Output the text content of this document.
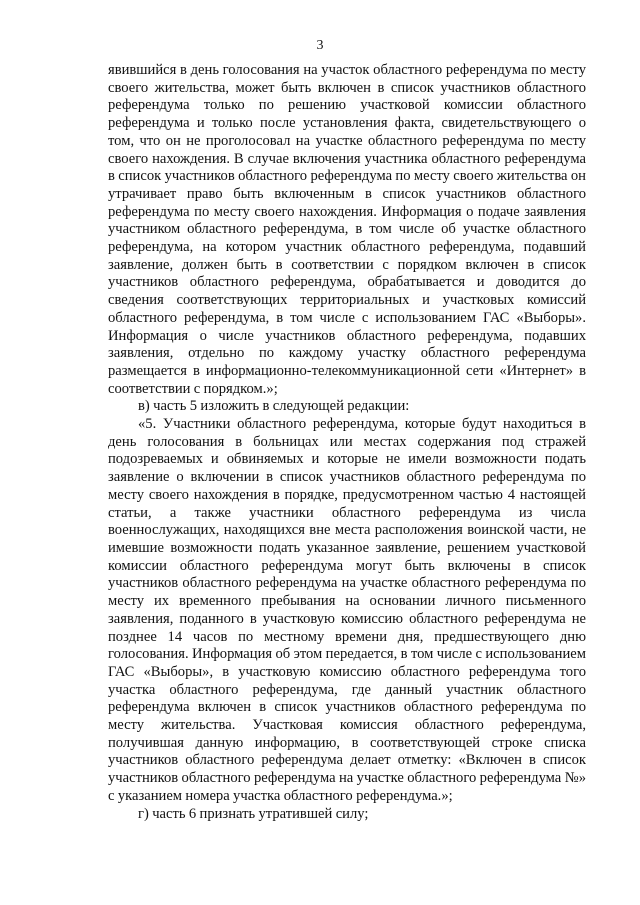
3

явившийся в день голосования на участок областного референдума по месту своего жительства, может быть включен в список участников областного референдума только по решению участковой комиссии областного референдума и только после установления факта, свидетельствующего о том, что он не проголосовал на участке областного референдума по месту своего нахождения. В случае включения участника областного референдума в список участников областного референдума по месту своего жительства он утрачивает право быть включенным в список участников областного референдума по месту своего нахождения. Информация о подаче заявления участником областного референдума, в том числе об участке областного референдума, на котором участник областного референдума, подавший заявление, должен быть в соответствии с порядком включен в список участников областного референдума, обрабатывается и доводится до сведения соответствующих территориальных и участковых комиссий областного референдума, в том числе с использованием ГАС «Выборы». Информация о числе участников областного референдума, подавших заявления, отдельно по каждому участку областного референдума размещается в информационно-телекоммуникационной сети «Интернет» в соответствии с порядком.»;

в) часть 5 изложить в следующей редакции:

«5. Участники областного референдума, которые будут находиться в день голосования в больницах или местах содержания под стражей подозреваемых и обвиняемых и которые не имели возможности подать заявление о включении в список участников областного референдума по месту своего нахождения в порядке, предусмотренном частью 4 настоящей статьи, а также участники областного референдума из числа военнослужащих, находящихся вне места расположения воинской части, не имевшие возможности подать указанное заявление, решением участковой комиссии областного референдума могут быть включены в список участников областного референдума на участке областного референдума по месту их временного пребывания на основании личного письменного заявления, поданного в участковую комиссию областного референдума не позднее 14 часов по местному времени дня, предшествующего дню голосования. Информация об этом передается, в том числе с использованием ГАС «Выборы», в участковую комиссию областного референдума того участка областного референдума, где данный участник областного референдума включен в список участников областного референдума по месту жительства. Участковая комиссия областного референдума, получившая данную информацию, в соответствующей строке списка участников областного референдума делает отметку: «Включен в список участников областного референдума на участке областного референдума №» с указанием номера участка областного референдума.»;

г) часть 6 признать утратившей силу;
